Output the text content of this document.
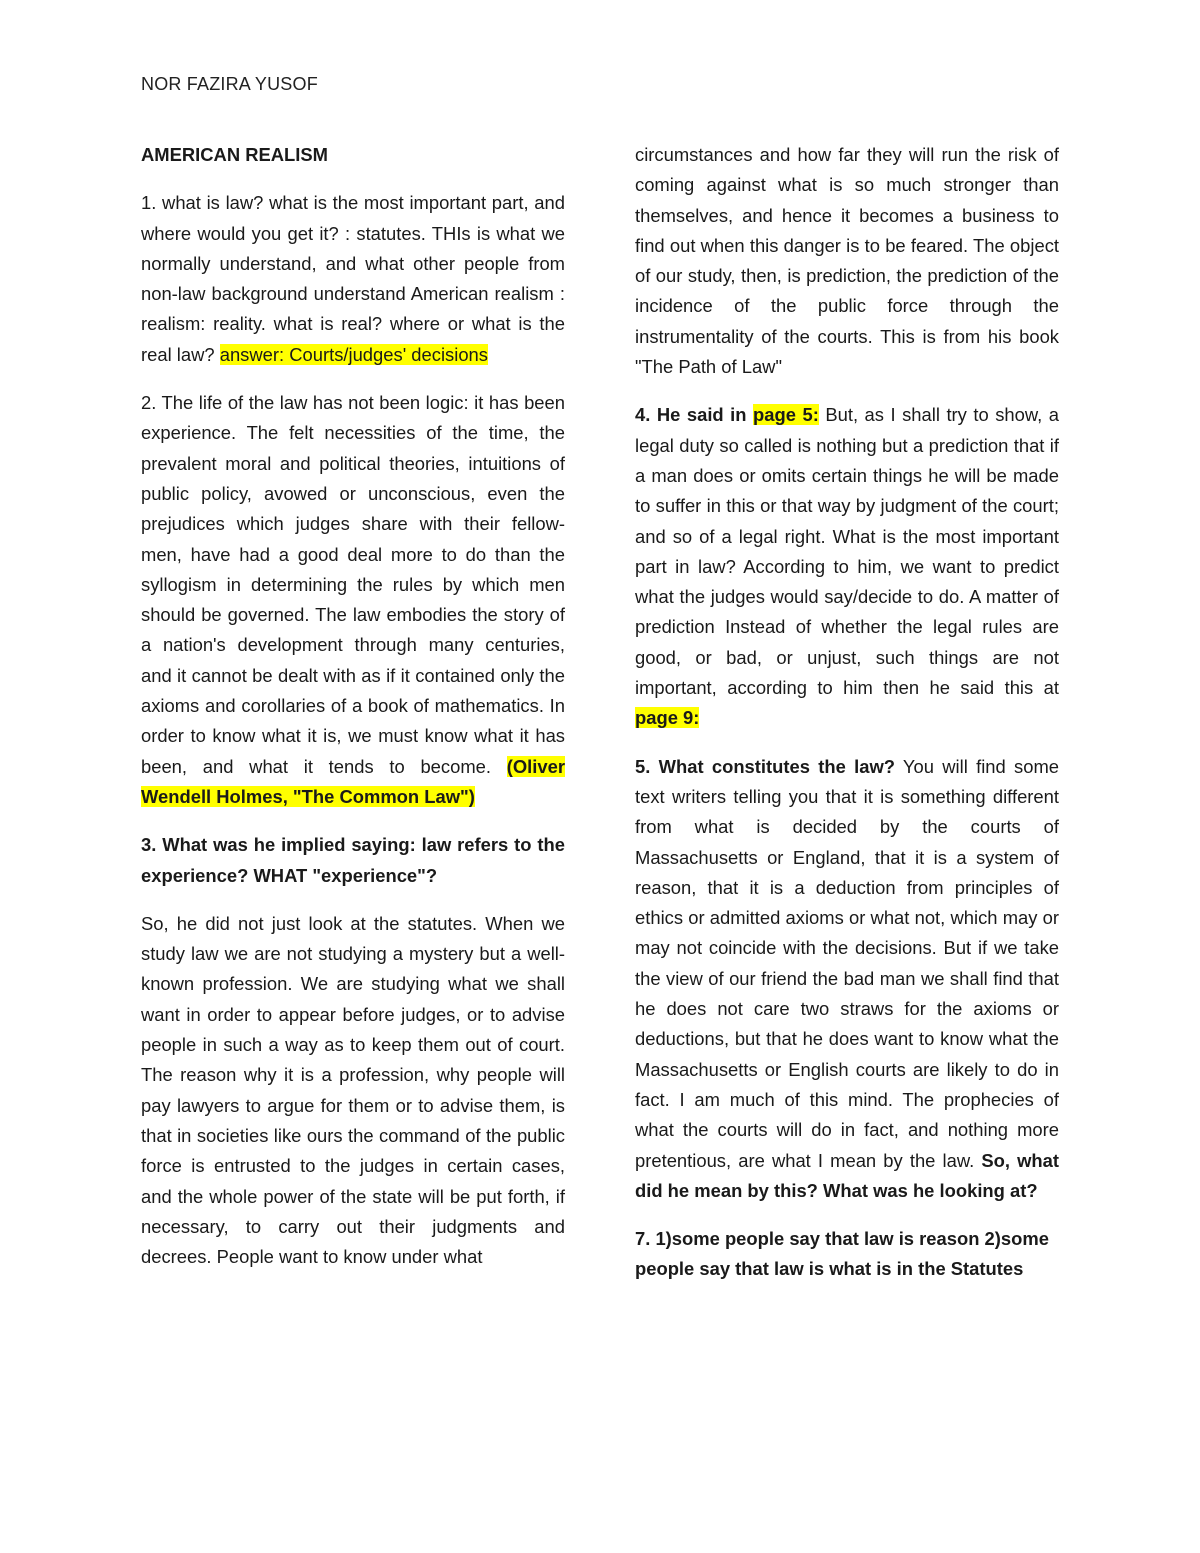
NOR FAZIRA YUSOF

AMERICAN REALISM

1. what is law? what is the most important part, and where would you get it? : statutes. THIs is what we normally understand, and what other people from non-law background understand American realism : realism: reality. what is real? where or what is the real law? answer: Courts/judges' decisions

2. The life of the law has not been logic: it has been experience. The felt necessities of the time, the prevalent moral and political theories, intuitions of public policy, avowed or unconscious, even the prejudices which judges share with their fellow-men, have had a good deal more to do than the syllogism in determining the rules by which men should be governed. The law embodies the story of a nation's development through many centuries, and it cannot be dealt with as if it contained only the axioms and corollaries of a book of mathematics. In order to know what it is, we must know what it has been, and what it tends to become. (Oliver Wendell Holmes, "The Common Law")

3. What was he implied saying: law refers to the experience? WHAT "experience"?

So, he did not just look at the statutes. When we study law we are not studying a mystery but a well-known profession. We are studying what we shall want in order to appear before judges, or to advise people in such a way as to keep them out of court. The reason why it is a profession, why people will pay lawyers to argue for them or to advise them, is that in societies like ours the command of the public force is entrusted to the judges in certain cases, and the whole power of the state will be put forth, if necessary, to carry out their judgments and decrees. People want to know under what

circumstances and how far they will run the risk of coming against what is so much stronger than themselves, and hence it becomes a business to find out when this danger is to be feared. The object of our study, then, is prediction, the prediction of the incidence of the public force through the instrumentality of the courts. This is from his book "The Path of Law"

4. He said in page 5: But, as I shall try to show, a legal duty so called is nothing but a prediction that if a man does or omits certain things he will be made to suffer in this or that way by judgment of the court; and so of a legal right. What is the most important part in law? According to him, we want to predict what the judges would say/decide to do. A matter of prediction Instead of whether the legal rules are good, or bad, or unjust, such things are not important, according to him then he said this at page 9:

5. What constitutes the law? You will find some text writers telling you that it is something different from what is decided by the courts of Massachusetts or England, that it is a system of reason, that it is a deduction from principles of ethics or admitted axioms or what not, which may or may not coincide with the decisions. But if we take the view of our friend the bad man we shall find that he does not care two straws for the axioms or deductions, but that he does want to know what the Massachusetts or English courts are likely to do in fact. I am much of this mind. The prophecies of what the courts will do in fact, and nothing more pretentious, are what I mean by the law. So, what did he mean by this? What was he looking at?

7. 1)some people say that law is reason 2)some people say that law is what is in the Statutes
